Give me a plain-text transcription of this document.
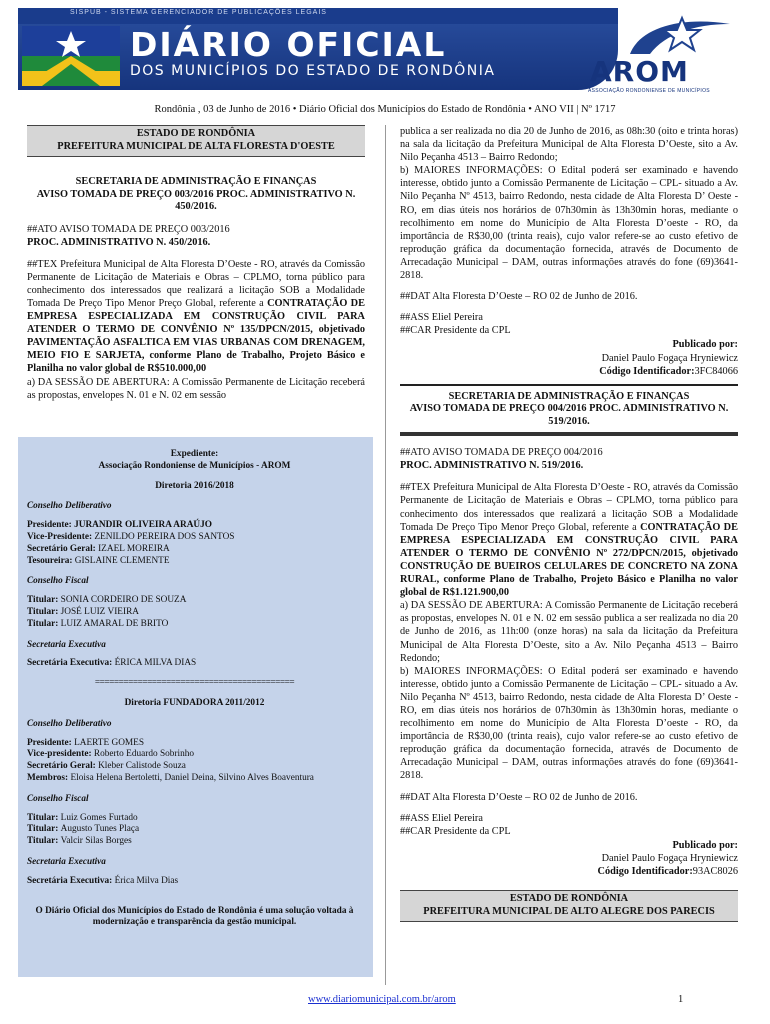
SISPUB - SISTEMA GERENCIADOR DE PUBLICAÇÕES LEGAIS
DIÁRIO OFICIAL
DOS MUNICÍPIOS DO ESTADO DE RONDÔNIA	AROM
ASSOCIAÇÃO RONDONIENSE DE MUNICÍPIOS
Rondônia , 03 de Junho de 2016 • Diário Oficial dos Municípios do Estado de Rondônia • ANO VII | Nº 1717
ESTADO DE RONDÔNIA
PREFEITURA MUNICIPAL DE ALTA FLORESTA D'OESTE
SECRETARIA DE ADMINISTRAÇÃO E FINANÇAS
AVISO TOMADA DE PREÇO 003/2016 PROC. ADMINISTRATIVO N. 450/2016.

##ATO AVISO TOMADA DE PREÇO 003/2016

PROC. ADMINISTRATIVO N. 450/2016.

##TEX Prefeitura Municipal de Alta Floresta D’Oeste - RO, através da Comissão Permanente de Licitação de Materiais e Obras – CPLMO, torna público para conhecimento dos interessados que realizará a licitação SOB a Modalidade Tomada De Preço Tipo Menor Preço Global, referente a CONTRATAÇÃO DE EMPRESA ESPECIALIZADA EM CONSTRUÇÃO CIVIL PARA ATENDER O TERMO DE CONVÊNIO Nº 135/DPCN/2015, objetivado PAVIMENTAÇÃO ASFALTICA EM VIAS URBANAS COM DRENAGEM, MEIO FIO E SARJETA, conforme Plano de Trabalho, Projeto Básico e Planilha no valor global de R$510.000,00

a) DA SESSÃO DE ABERTURA: A Comissão Permanente de Licitação receberá as propostas, envelopes N. 01 e N. 02 em sessão

Expediente:

Associação Rondoniense de Municípios - AROM

Diretoria 2016/2018

Conselho Deliberativo

Presidente: JURANDIR OLIVEIRA ARAÚJO

Vice-Presidente: ZENILDO PEREIRA DOS SANTOS

Secretário Geral: IZAEL MOREIRA

Tesoureira: GISLAINE CLEMENTE

Conselho Fiscal

Titular: SONIA CORDEIRO DE SOUZA

Titular: JOSÉ LUIZ VIEIRA

Titular: LUIZ AMARAL DE BRITO

Secretaria Executiva

Secretária Executiva: ÉRICA MILVA DIAS

==========================================

Diretoria FUNDADORA 2011/2012

Conselho Deliberativo

Presidente: LAERTE GOMES

Vice-presidente: Roberto Eduardo Sobrinho

Secretário Geral: Kleber Calistode Souza

Membros: Eloisa Helena Bertoletti, Daniel Deina, Silvino Alves Boaventura

Conselho Fiscal

Titular: Luiz Gomes Furtado

Titular: Augusto Tunes Plaça

Titular: Valcir Silas Borges

Secretaria Executiva

Secretária Executiva: Érica Milva Dias

O Diário Oficial dos Municípios do Estado de Rondônia é uma solução voltada à modernização e transparência da gestão municipal.

publica a ser realizada no dia 20 de Junho de 2016, as 08h:30 (oito e trinta horas) na sala da licitação da Prefeitura Municipal de Alta Floresta D’Oeste, sito a Av. Nilo Peçanha 4513 – Bairro Redondo;

b) MAIORES INFORMAÇÕES: O Edital poderá ser examinado e havendo interesse, obtido junto a Comissão Permanente de Licitação – CPL- situado a Av. Nilo Peçanha Nº 4513, bairro Redondo, nesta cidade de Alta Floresta D’ Oeste - RO, em dias úteis nos horários de 07h30min às 13h30min horas, mediante o recolhimento em nome do Município de Alta Floresta D’oeste - RO, da importância de R$30,00 (trinta reais), cujo valor refere-se ao custo efetivo de reprodução gráfica da documentação fornecida, através de Documento de Arrecadação Municipal – DAM, outras informações através do fone (69)3641-2818.

##DAT Alta Floresta D’Oeste – RO 02 de Junho de 2016.

##ASS Eliel Pereira

##CAR Presidente da CPL

Publicado por:

Daniel Paulo Fogaça Hryniewicz

Código Identificador:3FC84066

SECRETARIA DE ADMINISTRAÇÃO E FINANÇAS
AVISO TOMADA DE PREÇO 004/2016 PROC. ADMINISTRATIVO N. 519/2016.

##ATO AVISO TOMADA DE PREÇO 004/2016

PROC. ADMINISTRATIVO N. 519/2016.

##TEX Prefeitura Municipal de Alta Floresta D’Oeste - RO, através da Comissão Permanente de Licitação de Materiais e Obras – CPLMO, torna público para conhecimento dos interessados que realizará a licitação SOB a Modalidade Tomada De Preço Tipo Menor Preço Global, referente a CONTRATAÇÃO DE EMPRESA ESPECIALIZADA EM CONSTRUÇÃO CIVIL PARA ATENDER O TERMO DE CONVÊNIO Nº 272/DPCN/2015, objetivado CONSTRUÇÃO DE BUEIROS CELULARES DE CONCRETO NA ZONA RURAL, conforme Plano de Trabalho, Projeto Básico e Planilha no valor global de R$1.121.900,00

a) DA SESSÃO DE ABERTURA: A Comissão Permanente de Licitação receberá as propostas, envelopes N. 01 e N. 02 em sessão publica a ser realizada no dia 20 de Junho de 2016, as 11h:00 (onze horas) na sala da licitação da Prefeitura Municipal de Alta Floresta D’Oeste, sito a Av. Nilo Peçanha 4513 – Bairro Redondo;

b) MAIORES INFORMAÇÕES: O Edital poderá ser examinado e havendo interesse, obtido junto a Comissão Permanente de Licitação – CPL- situado a Av. Nilo Peçanha Nº 4513, bairro Redondo, nesta cidade de Alta Floresta D’ Oeste - RO, em dias úteis nos horários de 07h30min às 13h30min horas, mediante o recolhimento em nome do Município de Alta Floresta D’oeste - RO, da importância de R$30,00 (trinta reais), cujo valor refere-se ao custo efetivo de reprodução gráfica da documentação fornecida, através de Documento de Arrecadação Municipal – DAM, outras informações através do fone (69)3641-2818.

##DAT Alta Floresta D’Oeste – RO 02 de Junho de 2016.

##ASS Eliel Pereira

##CAR Presidente da CPL

Publicado por:

Daniel Paulo Fogaça Hryniewicz

Código Identificador:93AC8026

ESTADO DE RONDÔNIA
PREFEITURA MUNICIPAL DE ALTO ALEGRE DOS PARECIS
www.diariomunicipal.com.br/arom	1
